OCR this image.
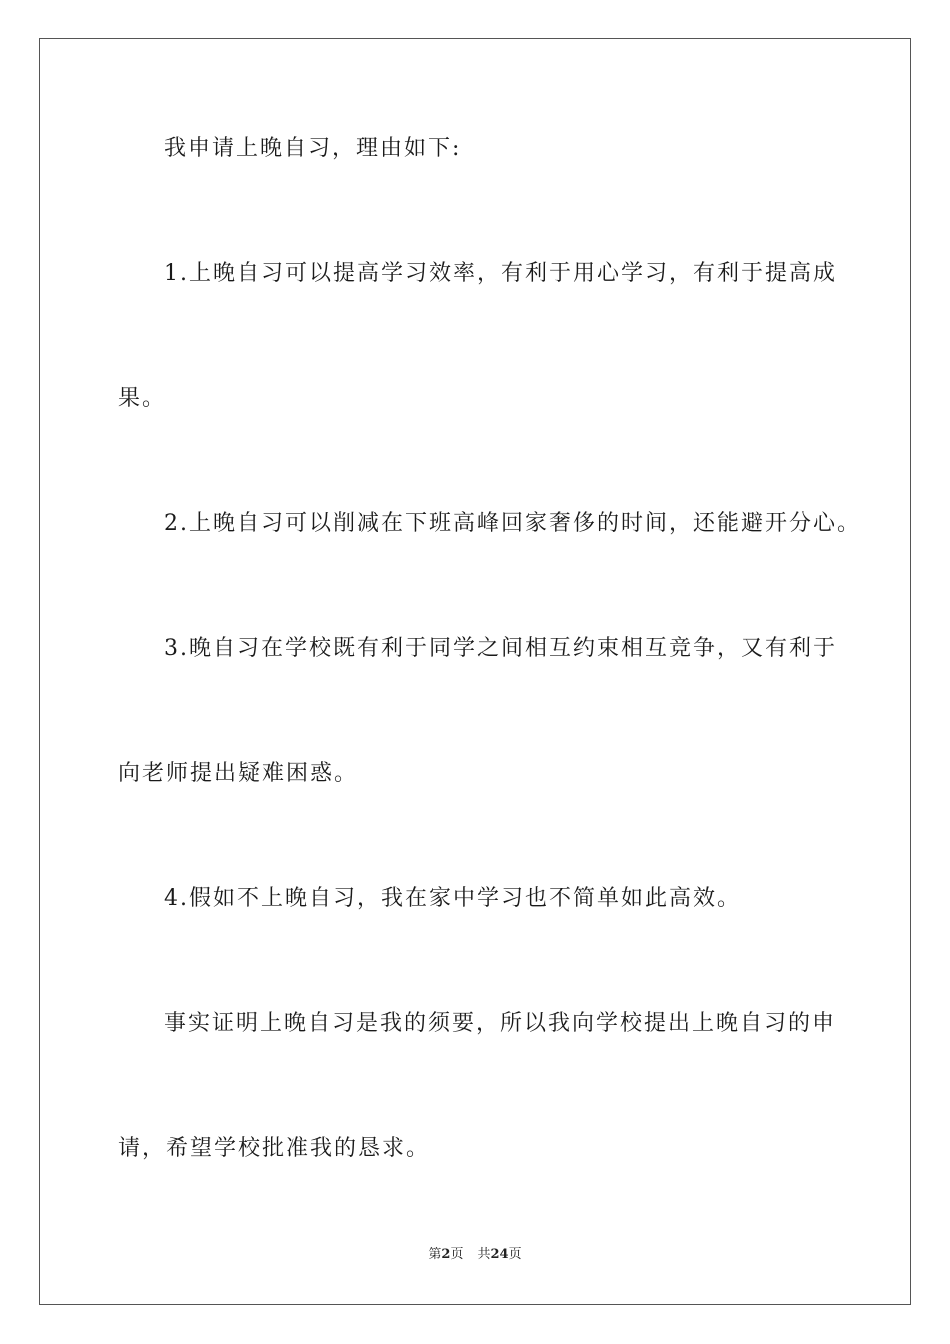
我申请上晚自习，理由如下:
1.上晚自习可以提高学习效率，有利于用心学习，有利于提高成
果。
2.上晚自习可以削减在下班高峰回家奢侈的时间，还能避开分心。
3.晚自习在学校既有利于同学之间相互约束相互竞争，又有利于
向老师提出疑难困惑。
4.假如不上晚自习，我在家中学习也不简单如此高效。
事实证明上晚自习是我的须要，所以我向学校提出上晚自习的申
请，希望学校批准我的恳求。
第2页 共24页
